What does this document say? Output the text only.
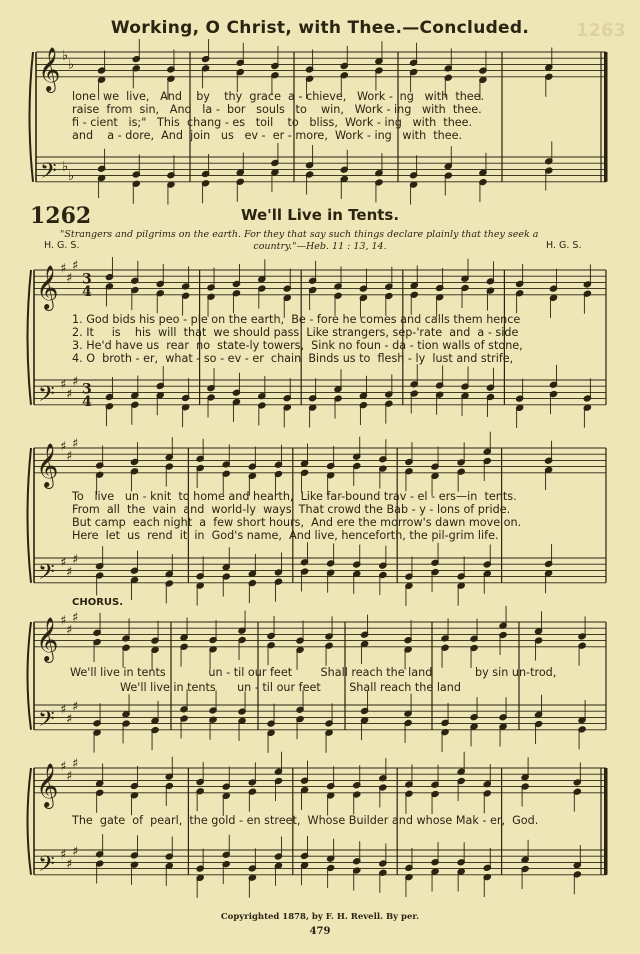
𝄞
𝄢
♭
♭
♭
♭
𝄞
𝄢
♯
♯
♯
♯
♯
♯
3
4
3
4
𝄞
𝄢
♯
♯
♯
♯
♯
♯
𝄞
𝄢
♯
♯
♯
♯
♯
♯
𝄞
𝄢
♯
♯
♯
♯
♯
♯
1263
Working, O Christ, with Thee.—Concluded.
lone  we  live,   And    by    thy  grace  a - chieve,   Work - ing   with  thee.
raise  from  sin,   And   la -  bor   souls   to    win,   Work - ing   with  thee.
fi - cient   is;"   This  chang - es   toil    to   bliss,  Work - ing   with  thee.
and    a - dore,  And  join   us   ev -  er - more,  Work - ing   with  thee.
1262	We'll Live in Tents.
"Strangers and pilgrims on the earth. For they that say such things declare plainly that they seek a
country."—Heb. 11 : 13, 14.
H. G. S.	H. G. S.
1. God bids his peo - ple on the earth,  Be - fore he comes and calls them hence
2. It     is    his  will  that  we should pass  Like strangers, sep-'rate  and  a - side
3. He'd have us  rear  no  state-ly towers,  Sink no foun - da - tion walls of stone,
4. O  broth - er,  what - so - ev - er  chain  Binds us to  flesh - ly  lust and strife,
To   live   un - knit  to home and hearth,  Like far-bound trav - el - ers—in  tents.
From  all  the  vain  and  world-ly  ways  That crowd the Bab - y - lons of pride.
But camp  each night  a  few short hours,  And ere the morrow's dawn move on.
Here  let  us  rend  it  in  God's name,  And live, henceforth, the pil-grim life.
CHORUS.
We'll live in tents            un - til our feet        Shall reach the land            by sin un-trod,
We'll live in tents      un - til our feet        Shall reach the land
The  gate  of  pearl,  the gold - en street,  Whose Builder and whose Mak - er,  God.
Copyrighted 1878, by F. H. Revell. By per.
479
